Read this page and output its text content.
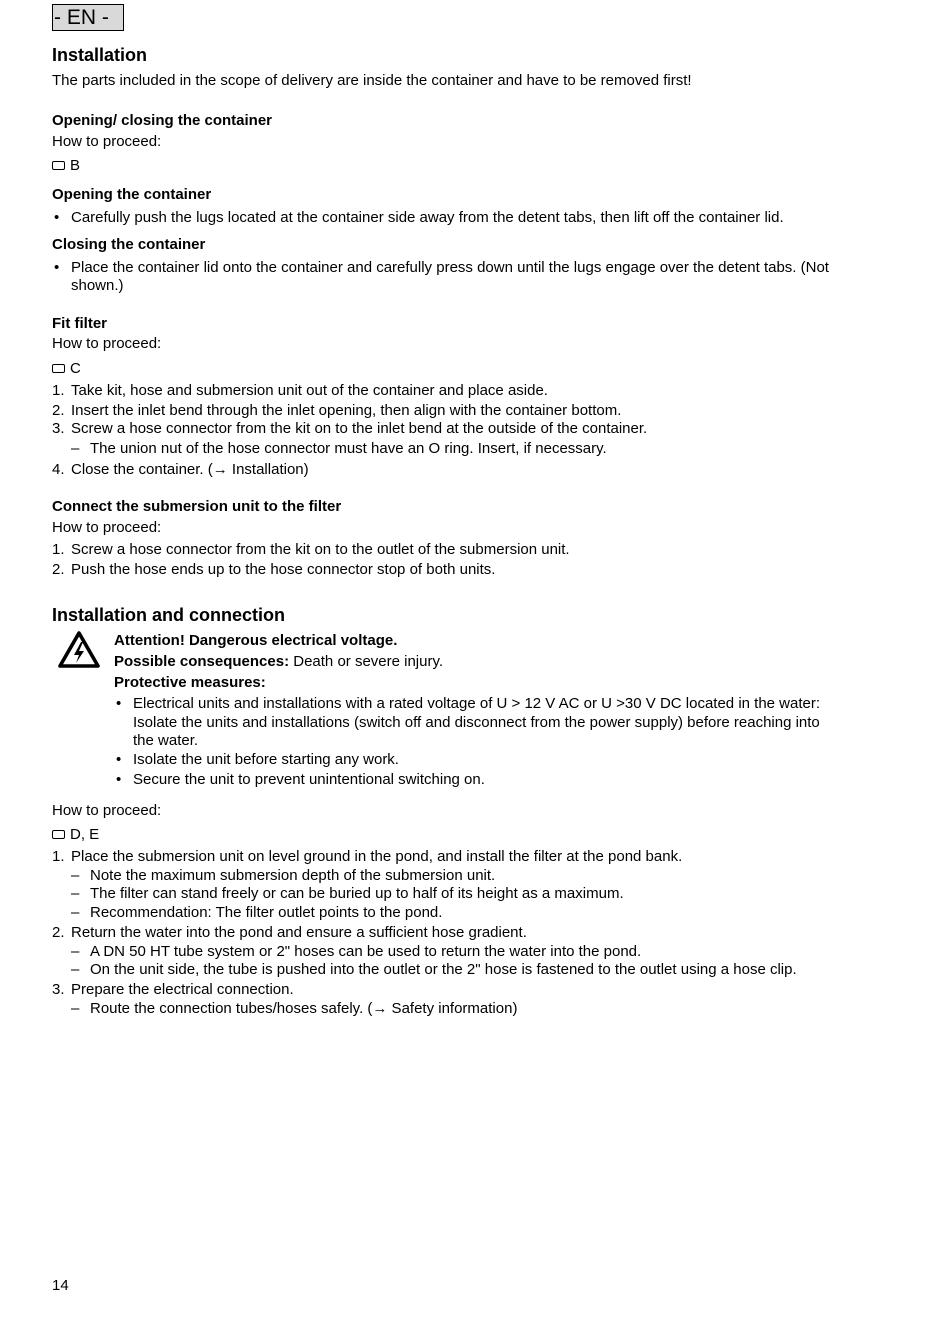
- EN -
Installation
The parts included in the scope of delivery are inside the container and have to be removed first!
Opening/ closing the container
How to proceed:
B
Opening the container
• Carefully push the lugs located at the container side away from the detent tabs, then lift off the container lid.
Closing the container
• Place the container lid onto the container and carefully press down until the lugs engage over the detent tabs. (Not
shown.)
Fit filter
How to proceed:
C
1. Take kit, hose and submersion unit out of the container and place aside.
2. Insert the inlet bend through the inlet opening, then align with the container bottom.
3. Screw a hose connector from the kit on to the inlet bend at the outside of the container.
– The union nut of the hose connector must have an O ring. Insert, if necessary.
4. Close the container. (→ Installation)
Connect the submersion unit to the filter
How to proceed:
1. Screw a hose connector from the kit on to the outlet of the submersion unit.
2. Push the hose ends up to the hose connector stop of both units.
Installation and connection
Attention! Dangerous electrical voltage.
Possible consequences: Death or severe injury.
Protective measures:
• Electrical units and installations with a rated voltage of U > 12 V AC or U >30 V DC located in the water:
Isolate the units and installations (switch off and disconnect from the power supply) before reaching into
the water.
• Isolate the unit before starting any work.
• Secure the unit to prevent unintentional switching on.
How to proceed:
D, E
1. Place the submersion unit on level ground in the pond, and install the filter at the pond bank.
– Note the maximum submersion depth of the submersion unit.
– The filter can stand freely or can be buried up to half of its height as a maximum.
– Recommendation: The filter outlet points to the pond.
2. Return the water into the pond and ensure a sufficient hose gradient.
– A DN 50 HT tube system or 2" hoses can be used to return the water into the pond.
– On the unit side, the tube is pushed into the outlet or the 2" hose is fastened to the outlet using a hose clip.
3. Prepare the electrical connection.
– Route the connection tubes/hoses safely. (→ Safety information)
14
